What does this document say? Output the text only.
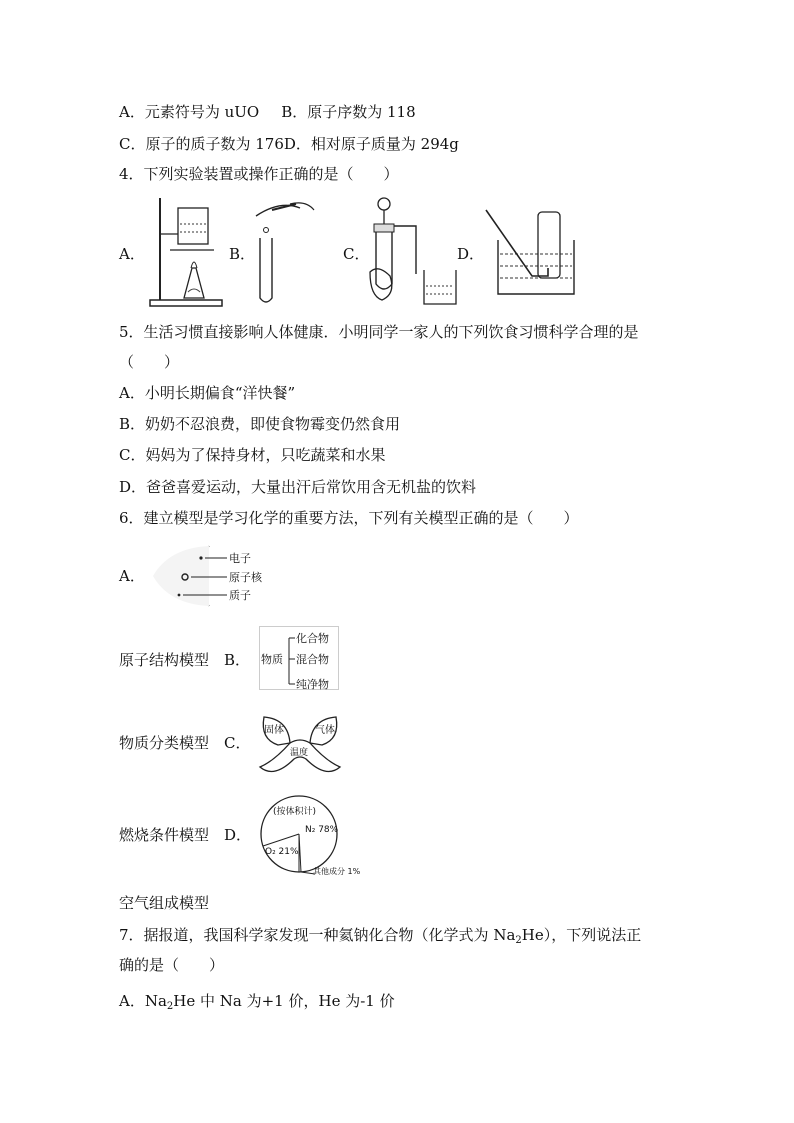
A．元素符号为 uUO B．原子序数为 118
C．原子的质子数为 176D．相对原子质量为 294g
4．下列实验装置或操作正确的是（　　）
A．	B．	C．	D．
5．生活习惯直接影响人体健康．小明同学一家人的下列饮食习惯科学合理的是
（　　）
A．小明长期偏食“洋快餐”
B．奶奶不忍浪费，即使食物霉变仍然食用
C．妈妈为了保持身材，只吃蔬菜和水果
D．爸爸喜爱运动，大量出汗后常饮用含无机盐的饮料
6．建立模型是学习化学的重要方法，下列有关模型正确的是（　　）
A．
电子
原子核
质子
原子结构模型　B． 物质
化合物
混合物
纯净物
物质分类模型　C．
固体	气体
温度
燃烧条件模型　D．
(按体积计)
N₂ 78%
O₂ 21%
其他成分 1%
空气组成模型
7．据报道，我国科学家发现一种氦钠化合物（化学式为 $Na_2He$），下列说法正
确的是（　　）
A．$Na_2He$ 中 Na 为+1 价，He 为-1 价
